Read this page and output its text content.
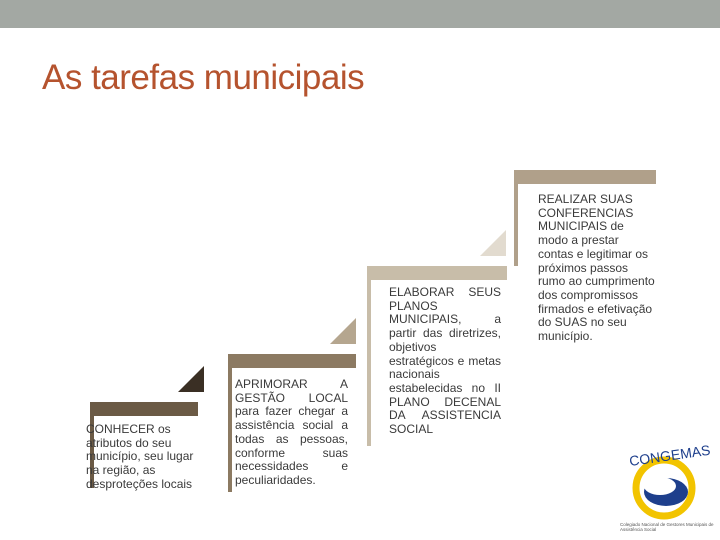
As tarefas municipais
CONHECER os atributos do seu município, seu lugar na região, as desproteções locais
APRIMORAR A GESTÃO LOCAL para fazer chegar a assistência social a todas as pessoas, conforme suas necessidades e peculiaridades.
ELABORAR SEUS PLANOS MUNICIPAIS, a partir das diretrizes, objetivos estratégicos e metas nacionais estabelecidas no II PLANO DECENAL DA ASSISTENCIA SOCIAL
REALIZAR SUAS CONFERENCIAS MUNICIPAIS de modo a prestar contas e legitimar os próximos passos rumo ao cumprimento dos compromissos firmados e efetivação do SUAS no seu município.
CONGEMAS
Colegiado Nacional de Gestores Municipais de Assistência Social
